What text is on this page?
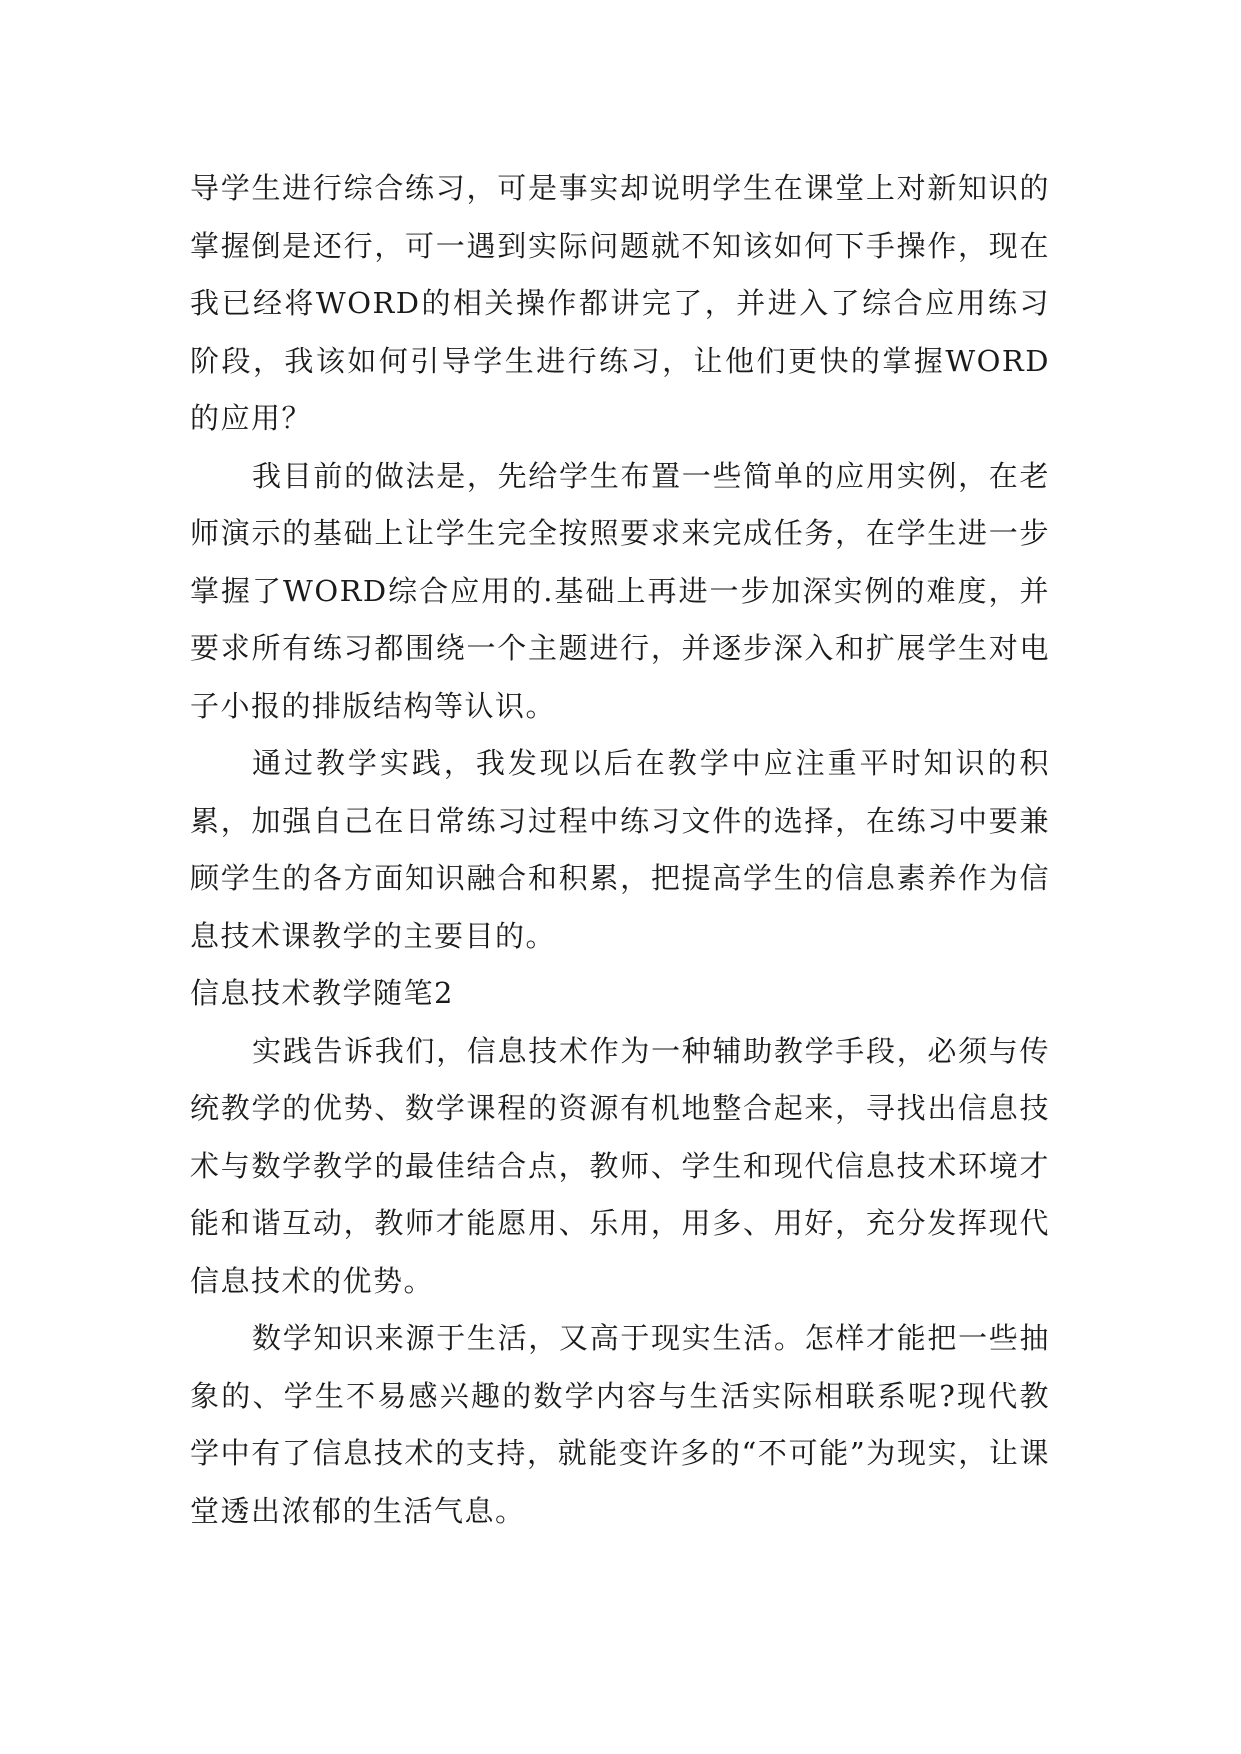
导学生进行综合练习，可是事实却说明学生在课堂上对新知识的掌握倒是还行，可一遇到实际问题就不知该如何下手操作，现在我已经将WORD的相关操作都讲完了，并进入了综合应用练习阶段，我该如何引导学生进行练习，让他们更快的掌握WORD的应用？

我目前的做法是，先给学生布置一些简单的应用实例，在老师演示的基础上让学生完全按照要求来完成任务，在学生进一步掌握了WORD综合应用的.基础上再进一步加深实例的难度，并要求所有练习都围绕一个主题进行，并逐步深入和扩展学生对电子小报的排版结构等认识。

通过教学实践，我发现以后在教学中应注重平时知识的积累，加强自己在日常练习过程中练习文件的选择，在练习中要兼顾学生的各方面知识融合和积累，把提高学生的信息素养作为信息技术课教学的主要目的。

信息技术教学随笔2

实践告诉我们，信息技术作为一种辅助教学手段，必须与传统教学的优势、数学课程的资源有机地整合起来，寻找出信息技术与数学教学的最佳结合点，教师、学生和现代信息技术环境才能和谐互动，教师才能愿用、乐用，用多、用好，充分发挥现代信息技术的优势。

数学知识来源于生活，又高于现实生活。怎样才能把一些抽象的、学生不易感兴趣的数学内容与生活实际相联系呢?现代教学中有了信息技术的支持，就能变许多的“不可能”为现实，让课堂透出浓郁的生活气息。
